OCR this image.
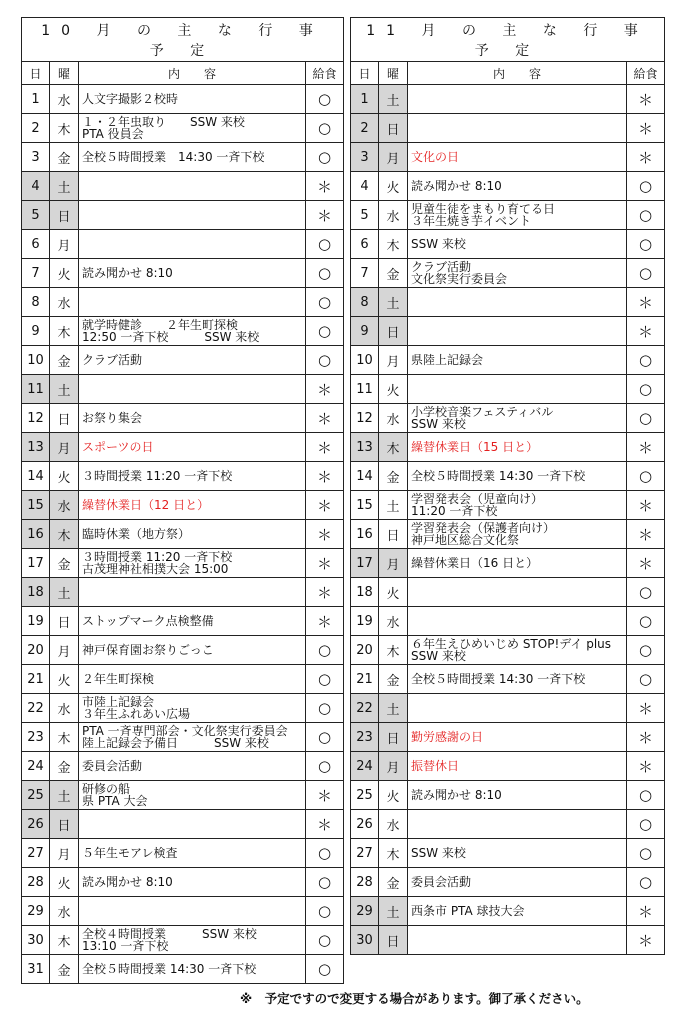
10 月 の 主 な 行 事 予 定			
日	曜	内　　容	給食
1	水	人文字撮影２校時	○
2	木	１・２年虫取り　　SSW 来校
PTA 役員会	○
3	金	全校５時間授業　14:30 一斉下校	○
4	土		＊
5	日		＊
6	月		○
7	火	読み聞かせ 8:10	○
8	水		○
9	木	就学時健診　　２年生町探検
12:50 一斉下校　　　SSW 来校	○
10	金	クラブ活動	○
11	土		＊
12	日	お祭り集会	＊
13	月	スポーツの日	＊
14	火	３時間授業 11:20 一斉下校	＊
15	水	繰替休業日（12 日と）	＊
16	木	臨時休業（地方祭）	＊
17	金	３時間授業 11:20 一斉下校
古茂理神社相撲大会 15:00	＊
18	土		＊
19	日	ストップマーク点検整備	＊
20	月	神戸保育園お祭りごっこ	○
21	火	２年生町探検	○
22	水	市陸上記録会
３年生ふれあい広場	○
23	木	PTA 一斉専門部会・文化祭実行委員会
陸上記録会予備日　　　SSW 来校	○
24	金	委員会活動	○
25	土	研修の船
県 PTA 大会	＊
26	日		＊
27	月	５年生モアレ検査	○
28	火	読み聞かせ 8:10	○
29	水		○
30	木	全校４時間授業　　　SSW 来校
13:10 一斉下校	○
31	金	全校５時間授業 14:30 一斉下校	○
11 月 の 主 な 行 事 予 定			
日	曜	内　　容	給食
1	土		＊
2	日		＊
3	月	文化の日	＊
4	火	読み聞かせ 8:10	○
5	水	児童生徒をまもり育てる日
３年生焼き芋イベント	○
6	木	SSW 来校	○
7	金	クラブ活動
文化祭実行委員会	○
8	土		＊
9	日		＊
10	月	県陸上記録会	○
11	火		○
12	水	小学校音楽フェスティバル
SSW 来校	○
13	木	繰替休業日（15 日と）	＊
14	金	全校５時間授業 14:30 一斉下校	○
15	土	学習発表会（児童向け）
11:20 一斉下校	＊
16	日	学習発表会（保護者向け）
神戸地区総合文化祭	＊
17	月	繰替休業日（16 日と）	＊
18	火		○
19	水		○
20	木	６年生えひめいじめ STOP!デイ plus
SSW 来校	○
21	金	全校５時間授業 14:30 一斉下校	○
22	土		＊
23	日	勤労感謝の日	＊
24	月	振替休日	＊
25	火	読み聞かせ 8:10	○
26	水		○
27	木	SSW 来校	○
28	金	委員会活動	○
29	土	西条市 PTA 球技大会	＊
30	日		＊
※　予定ですので変更する場合があります。御了承ください。
